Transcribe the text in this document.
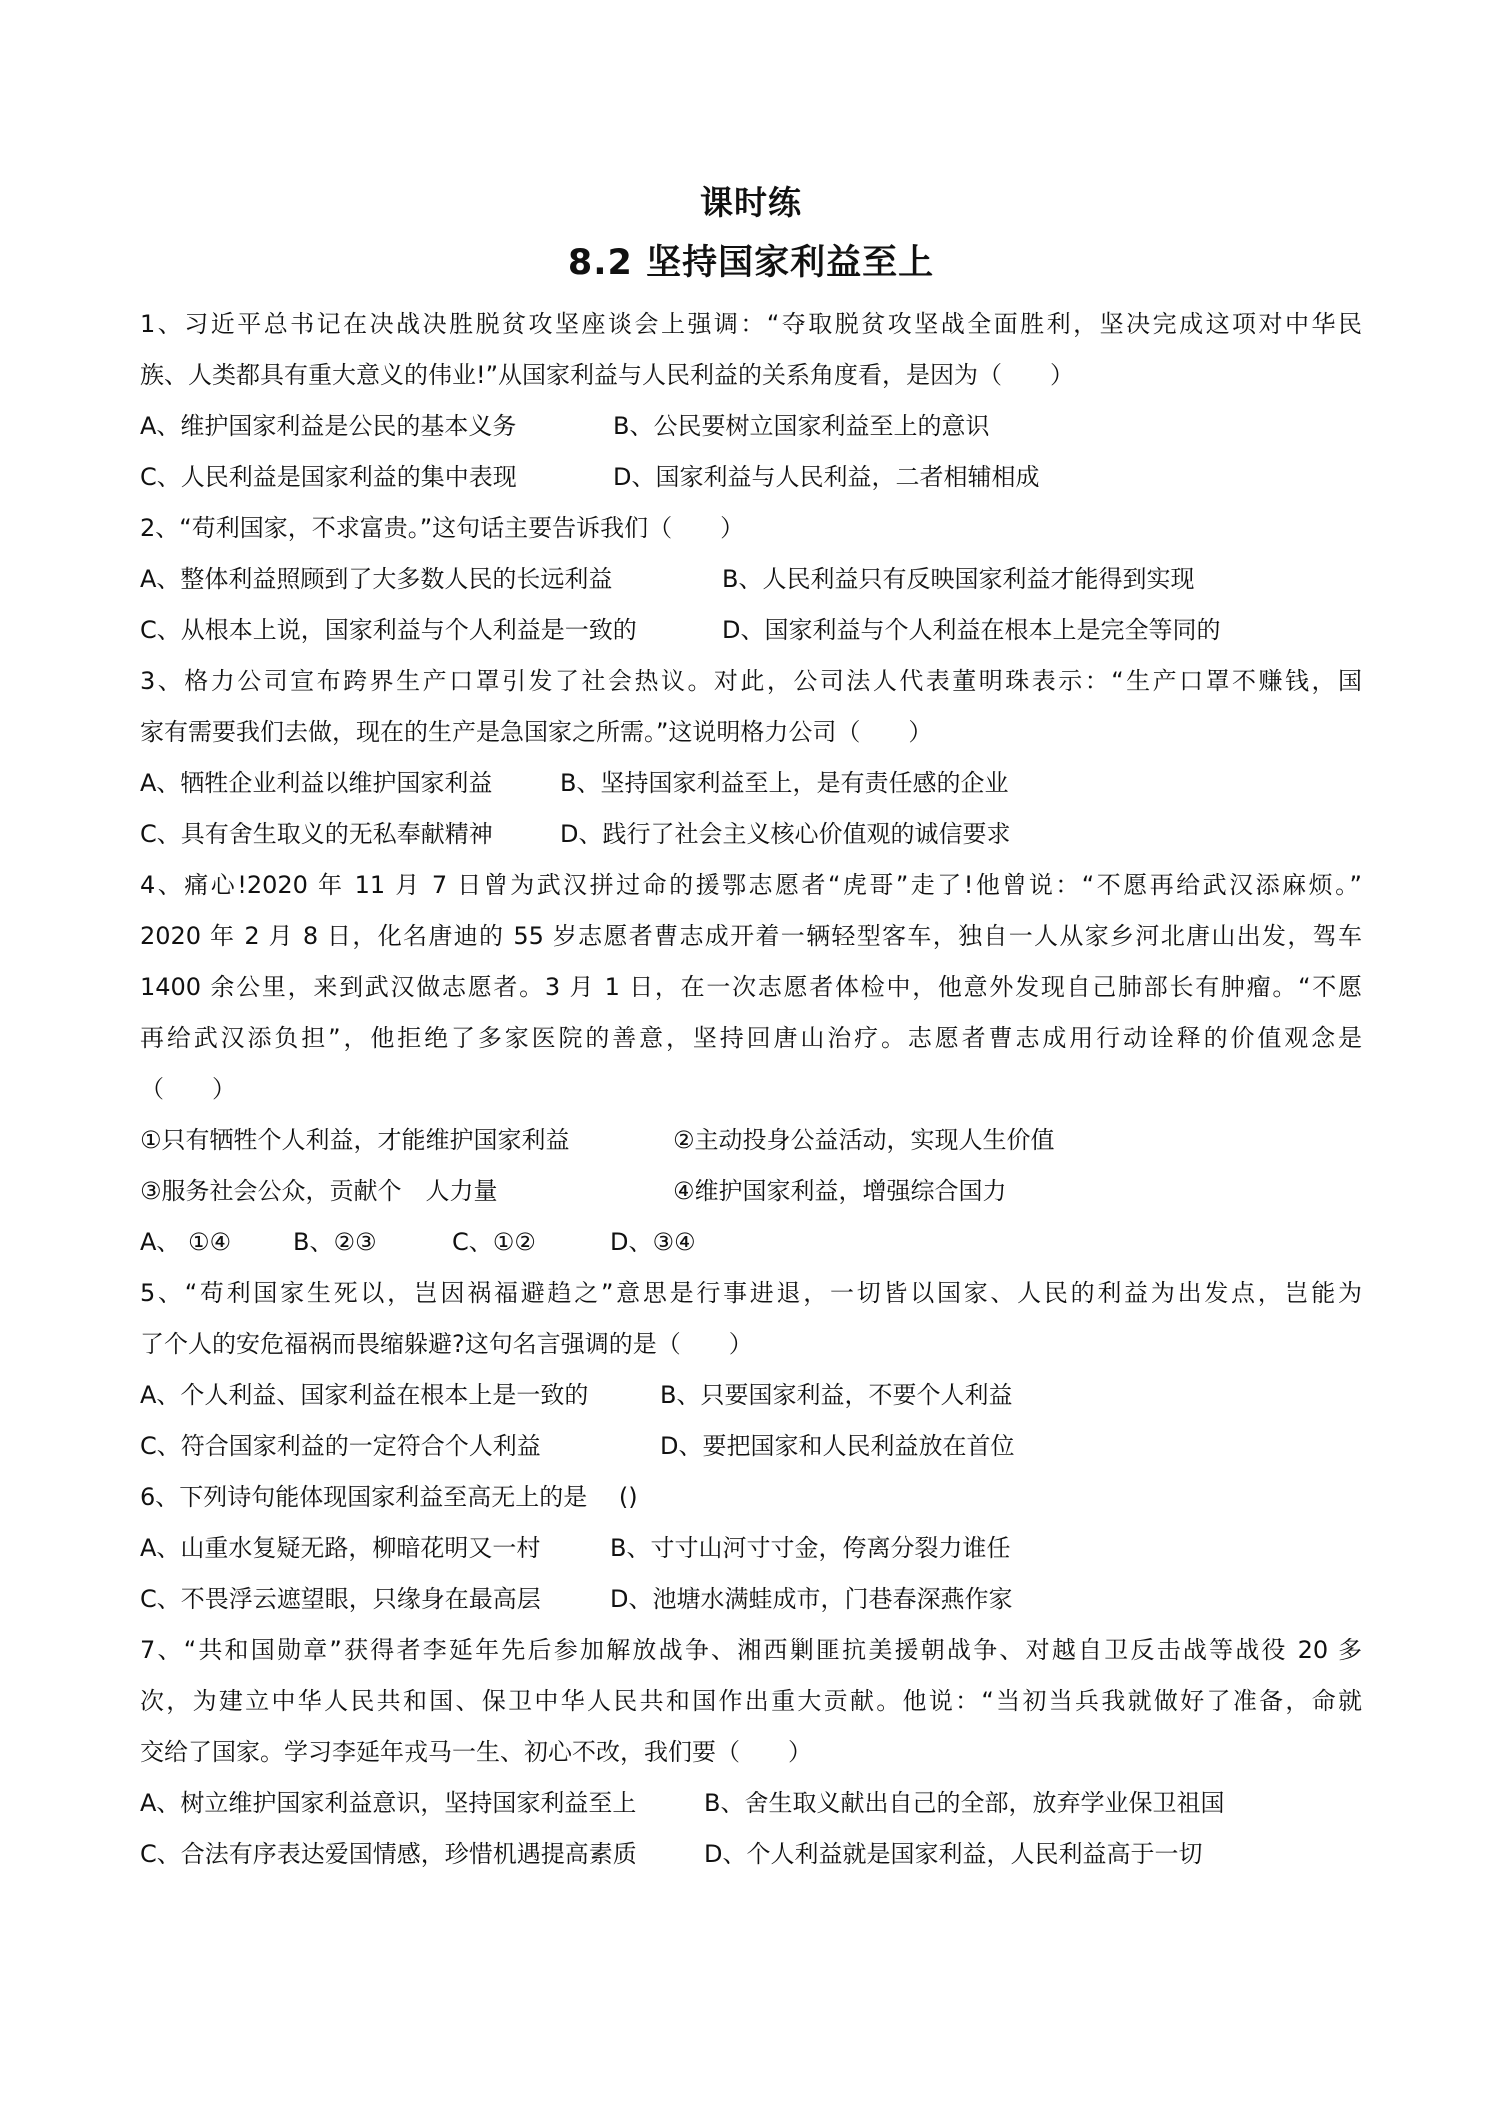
课时练
8.2 坚持国家利益至上
1、习近平总书记在决战决胜脱贫攻坚座谈会上强调：“夺取脱贫攻坚战全面胜利，坚决完成这项对中华民
族、人类都具有重大意义的伟业!”从国家利益与人民利益的关系角度看，是因为（　　）
A、维护国家利益是公民的基本义务	B、公民要树立国家利益至上的意识
C、人民利益是国家利益的集中表现	D、国家利益与人民利益，二者相辅相成
2、“苟利国家，不求富贵。”这句话主要告诉我们（　　）
A、整体利益照顾到了大多数人民的长远利益	B、人民利益只有反映国家利益才能得到实现
C、从根本上说，国家利益与个人利益是一致的	D、国家利益与个人利益在根本上是完全等同的
3、格力公司宣布跨界生产口罩引发了社会热议。对此，公司法人代表董明珠表示：“生产口罩不赚钱，国
家有需要我们去做，现在的生产是急国家之所需。”这说明格力公司（　　）
A、牺牲企业利益以维护国家利益	B、坚持国家利益至上，是有责任感的企业
C、具有舍生取义的无私奉献精神	D、践行了社会主义核心价值观的诚信要求
4、痛心!2020 年 11 月 7 日曾为武汉拼过命的援鄂志愿者“虎哥”走了!他曾说：“不愿再给武汉添麻烦。”
2020 年 2 月 8 日，化名唐迪的 55 岁志愿者曹志成开着一辆轻型客车，独自一人从家乡河北唐山出发，驾车
1400 余公里，来到武汉做志愿者。3 月 1 日，在一次志愿者体检中，他意外发现自己肺部长有肿瘤。“不愿
再给武汉添负担”，他拒绝了多家医院的善意，坚持回唐山治疗。志愿者曹志成用行动诠释的价值观念是
（　　）
①只有牺牲个人利益，才能维护国家利益	②主动投身公益活动，实现人生价值
③服务社会公众，贡献个　人力量	④维护国家利益，增强综合国力
A、 ①④	B、②③	C、①②	D、③④
5、“苟利国家生死以，岂因祸福避趋之”意思是行事进退，一切皆以国家、人民的利益为出发点，岂能为
了个人的安危福祸而畏缩躲避?这句名言强调的是（　　）
A、个人利益、国家利益在根本上是一致的	B、只要国家利益，不要个人利益
C、符合国家利益的一定符合个人利益	D、要把国家和人民利益放在首位
6、下列诗句能体现国家利益至高无上的是　 ()
A、山重水复疑无路，柳暗花明又一村	B、寸寸山河寸寸金，侉离分裂力谁任
C、不畏浮云遮望眼，只缘身在最高层	D、池塘水满蛙成市，门巷春深燕作家
7、“共和国勋章”获得者李延年先后参加解放战争、湘西剿匪抗美援朝战争、对越自卫反击战等战役 20 多
次，为建立中华人民共和国、保卫中华人民共和国作出重大贡献。他说：“当初当兵我就做好了准备，命就
交给了国家。学习李延年戎马一生、初心不改，我们要（　　）
A、树立维护国家利益意识，坚持国家利益至上	B、舍生取义献出自己的全部，放弃学业保卫祖国
C、合法有序表达爱国情感，珍惜机遇提高素质	D、个人利益就是国家利益，人民利益高于一切
